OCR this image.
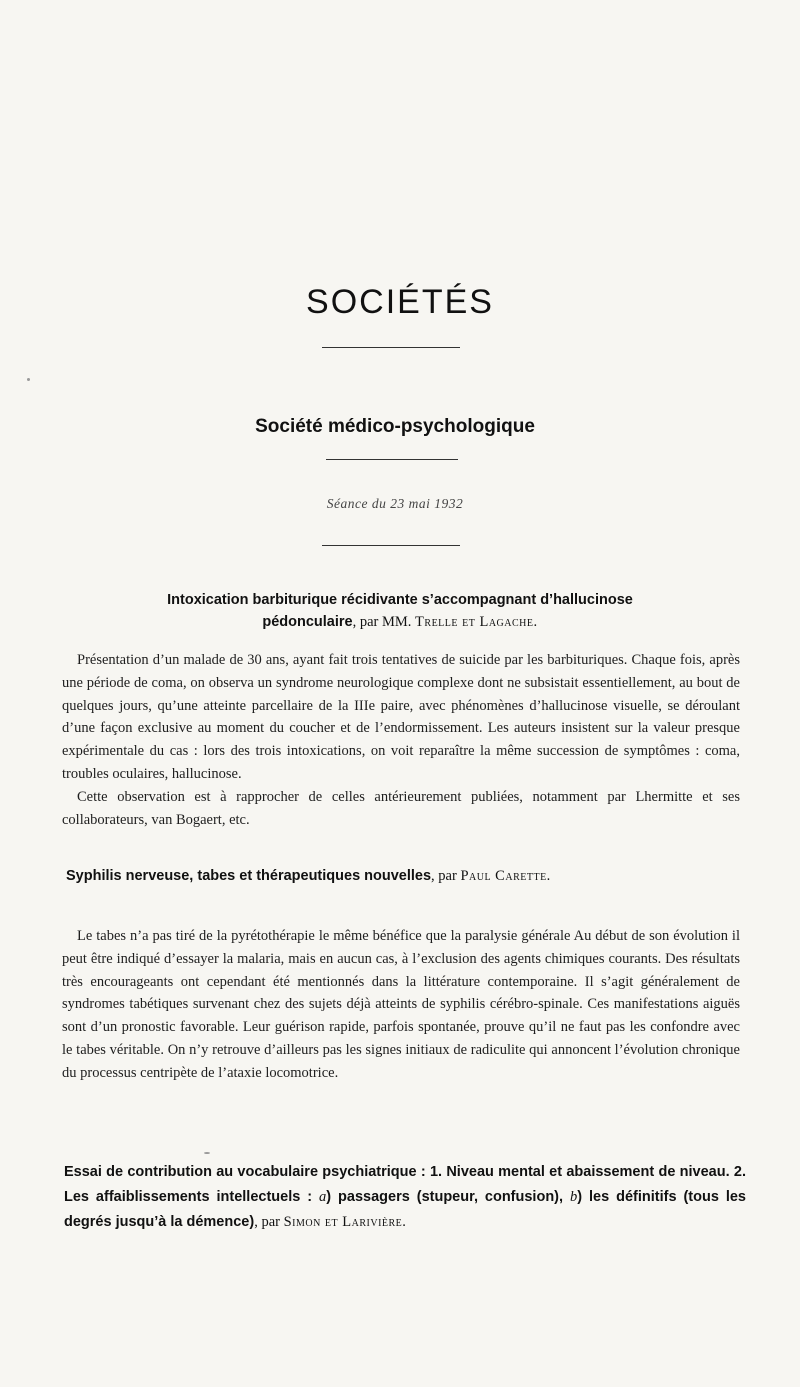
SOCIÉTÉS
Société médico-psychologique
Séance du 23 mai 1932
Intoxication barbiturique récidivante s’accompagnant d’hallucinose
pédonculaire, par MM. Trelle et Lagache.
Présentation d’un malade de 30 ans, ayant fait trois tentatives de suicide par les barbituriques. Chaque fois, après une période de coma, on observa un syndrome neurologique complexe dont ne subsistait essentiellement, au bout de quelques jours, qu’une atteinte parcellaire de la IIIe paire, avec phénomènes d’hallucinose visuelle, se déroulant d’une façon exclusive au moment du coucher et de l’endormissement. Les auteurs insistent sur la valeur presque expérimentale du cas : lors des trois intoxications, on voit reparaître la même succession de symptômes : coma, troubles oculaires, hallucinose.
Cette observation est à rapprocher de celles antérieurement publiées, notamment par Lhermitte et ses collaborateurs, van Bogaert, etc.
Syphilis nerveuse, tabes et thérapeutiques nouvelles, par Paul Carette.
Le tabes n’a pas tiré de la pyrétothérapie le même bénéfice que la paralysie générale Au début de son évolution il peut être indiqué d’essayer la malaria, mais en aucun cas, à l’exclusion des agents chimiques courants. Des résultats très encourageants ont cependant été mentionnés dans la littérature contemporaine. Il s’agit généralement de syndromes tabétiques survenant chez des sujets déjà atteints de syphilis cérébro-spinale. Ces manifestations aiguës sont d’un pronostic favorable. Leur guérison rapide, parfois spontanée, prouve qu’il ne faut pas les confondre avec le tabes véritable. On n’y retrouve d’ailleurs pas les signes initiaux de radiculite qui annoncent l’évolution chronique du processus centripète de l’ataxie locomotrice.
Essai de contribution au vocabulaire psychiatrique : 1. Niveau mental et abaissement de niveau. 2. Les affaiblissements intellectuels : a) passagers (stupeur, confusion), b) les définitifs (tous les degrés jusqu’à la démence), par Simon et Larivière.
